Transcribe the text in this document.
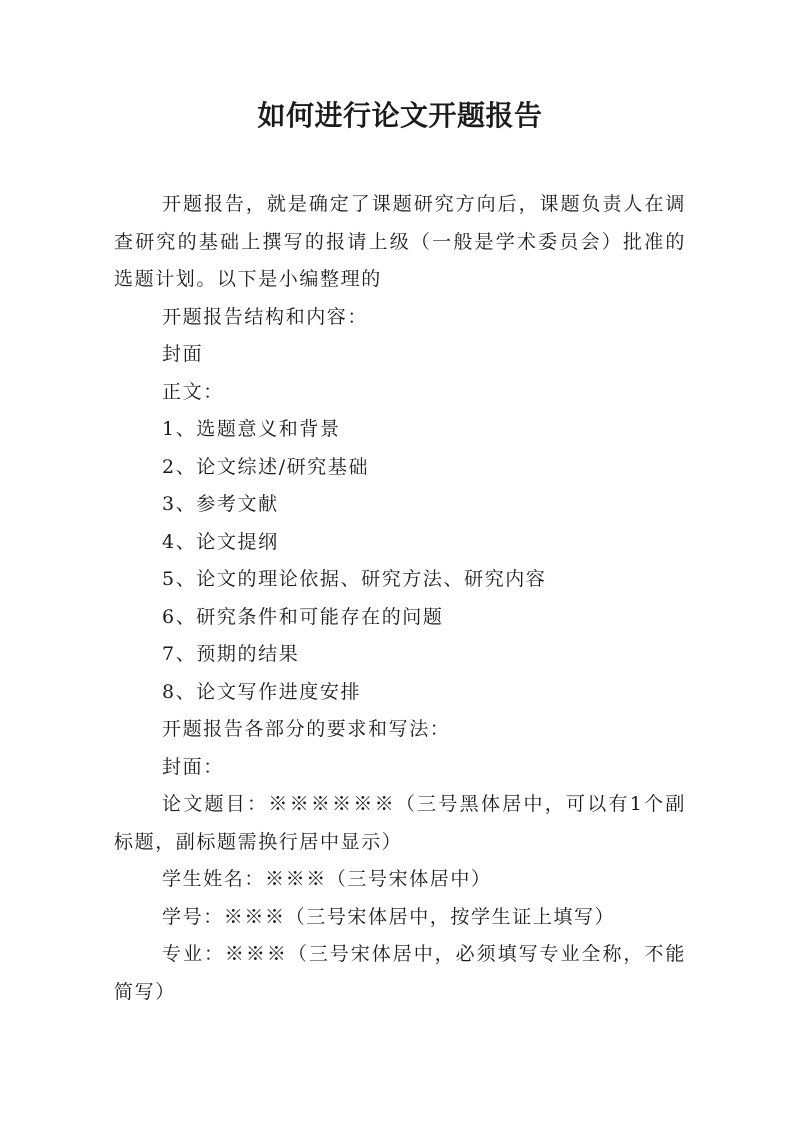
如何进行论文开题报告

开题报告，就是确定了课题研究方向后，课题负责人在调查研究的基础上撰写的报请上级（一般是学术委员会）批准的选题计划。以下是小编整理的

开题报告结构和内容：

封面

正文：

1、选题意义和背景

2、论文综述/研究基础

3、参考文献

4、论文提纲

5、论文的理论依据、研究方法、研究内容

6、研究条件和可能存在的问题

7、预期的结果

8、论文写作进度安排

开题报告各部分的要求和写法：

封面：

论文题目：※※※※※※（三号黑体居中，可以有1个副标题，副标题需换行居中显示）

学生姓名：※※※（三号宋体居中）

学号：※※※（三号宋体居中，按学生证上填写）

专业：※※※（三号宋体居中，必须填写专业全称，不能简写）
